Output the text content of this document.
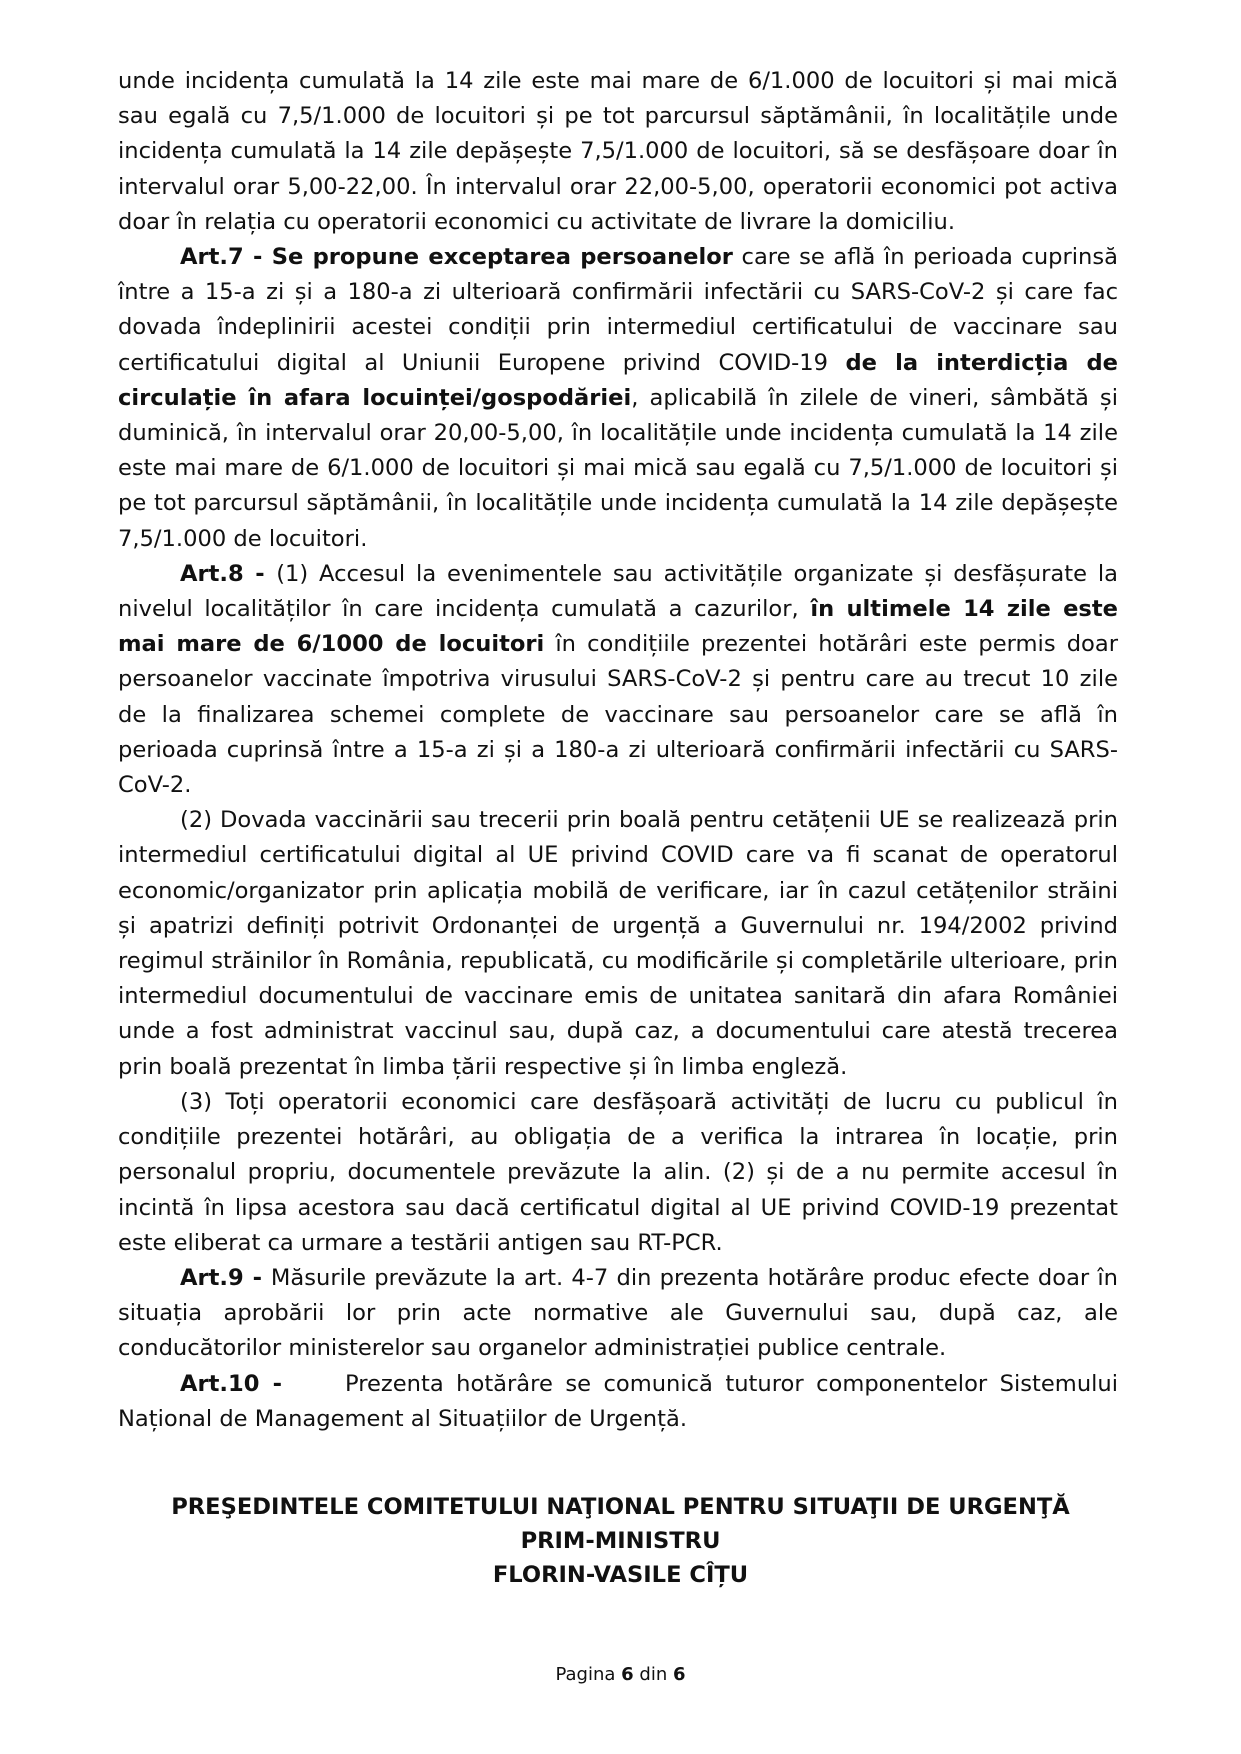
unde incidența cumulată la 14 zile este mai mare de 6/1.000 de locuitori și mai mică sau egală cu 7,5/1.000 de locuitori și pe tot parcursul săptămânii, în localitățile unde incidența cumulată la 14 zile depășește 7,5/1.000 de locuitori, să se desfășoare doar în intervalul orar 5,00-22,00. În intervalul orar 22,00-5,00, operatorii economici pot activa doar în relația cu operatorii economici cu activitate de livrare la domiciliu.

Art.7 - Se propune exceptarea persoanelor care se află în perioada cuprinsă între a 15-a zi și a 180-a zi ulterioară confirmării infectării cu SARS-CoV-2 și care fac dovada îndeplinirii acestei condiții prin intermediul certificatului de vaccinare sau certificatului digital al Uniunii Europene privind COVID-19 de la interdicția de circulație în afara locuinței/gospodăriei, aplicabilă în zilele de vineri, sâmbătă și duminică, în intervalul orar 20,00-5,00, în localitățile unde incidența cumulată la 14 zile este mai mare de 6/1.000 de locuitori și mai mică sau egală cu 7,5/1.000 de locuitori și pe tot parcursul săptămânii, în localitățile unde incidența cumulată la 14 zile depășește 7,5/1.000 de locuitori.

Art.8 - (1) Accesul la evenimentele sau activitățile organizate și desfășurate la nivelul localităților în care incidența cumulată a cazurilor, în ultimele 14 zile este mai mare de 6/1000 de locuitori în condițiile prezentei hotărâri este permis doar persoanelor vaccinate împotriva virusului SARS-CoV-2 și pentru care au trecut 10 zile de la finalizarea schemei complete de vaccinare sau persoanelor care se află în perioada cuprinsă între a 15-a zi și a 180-a zi ulterioară confirmării infectării cu SARS-CoV-2.

(2) Dovada vaccinării sau trecerii prin boală pentru cetățenii UE se realizează prin intermediul certificatului digital al UE privind COVID care va fi scanat de operatorul economic/organizator prin aplicația mobilă de verificare, iar în cazul cetățenilor străini și apatrizi definiți potrivit Ordonanței de urgență a Guvernului nr. 194/2002 privind regimul străinilor în România, republicată, cu modificările și completările ulterioare, prin intermediul documentului de vaccinare emis de unitatea sanitară din afara României unde a fost administrat vaccinul sau, după caz, a documentului care atestă trecerea prin boală prezentat în limba țării respective și în limba engleză.

(3) Toți operatorii economici care desfășoară activități de lucru cu publicul în condițiile prezentei hotărâri, au obligația de a verifica la intrarea în locație, prin personalul propriu, documentele prevăzute la alin. (2) și de a nu permite accesul în incintă în lipsa acestora sau dacă certificatul digital al UE privind COVID-19 prezentat este eliberat ca urmare a testării antigen sau RT-PCR.

Art.9 - Măsurile prevăzute la art. 4-7 din prezenta hotărâre produc efecte doar în situația aprobării lor prin acte normative ale Guvernului sau, după caz, ale conducătorilor ministerelor sau organelor administrației publice centrale.

Art.10 -     Prezenta hotărâre se comunică tuturor componentelor Sistemului Național de Management al Situațiilor de Urgență.

PREŞEDINTELE COMITETULUI NAŢIONAL PENTRU SITUAŢII DE URGENŢĂ
PRIM-MINISTRU
FLORIN-VASILE CÎȚU
Pagina 6 din 6
